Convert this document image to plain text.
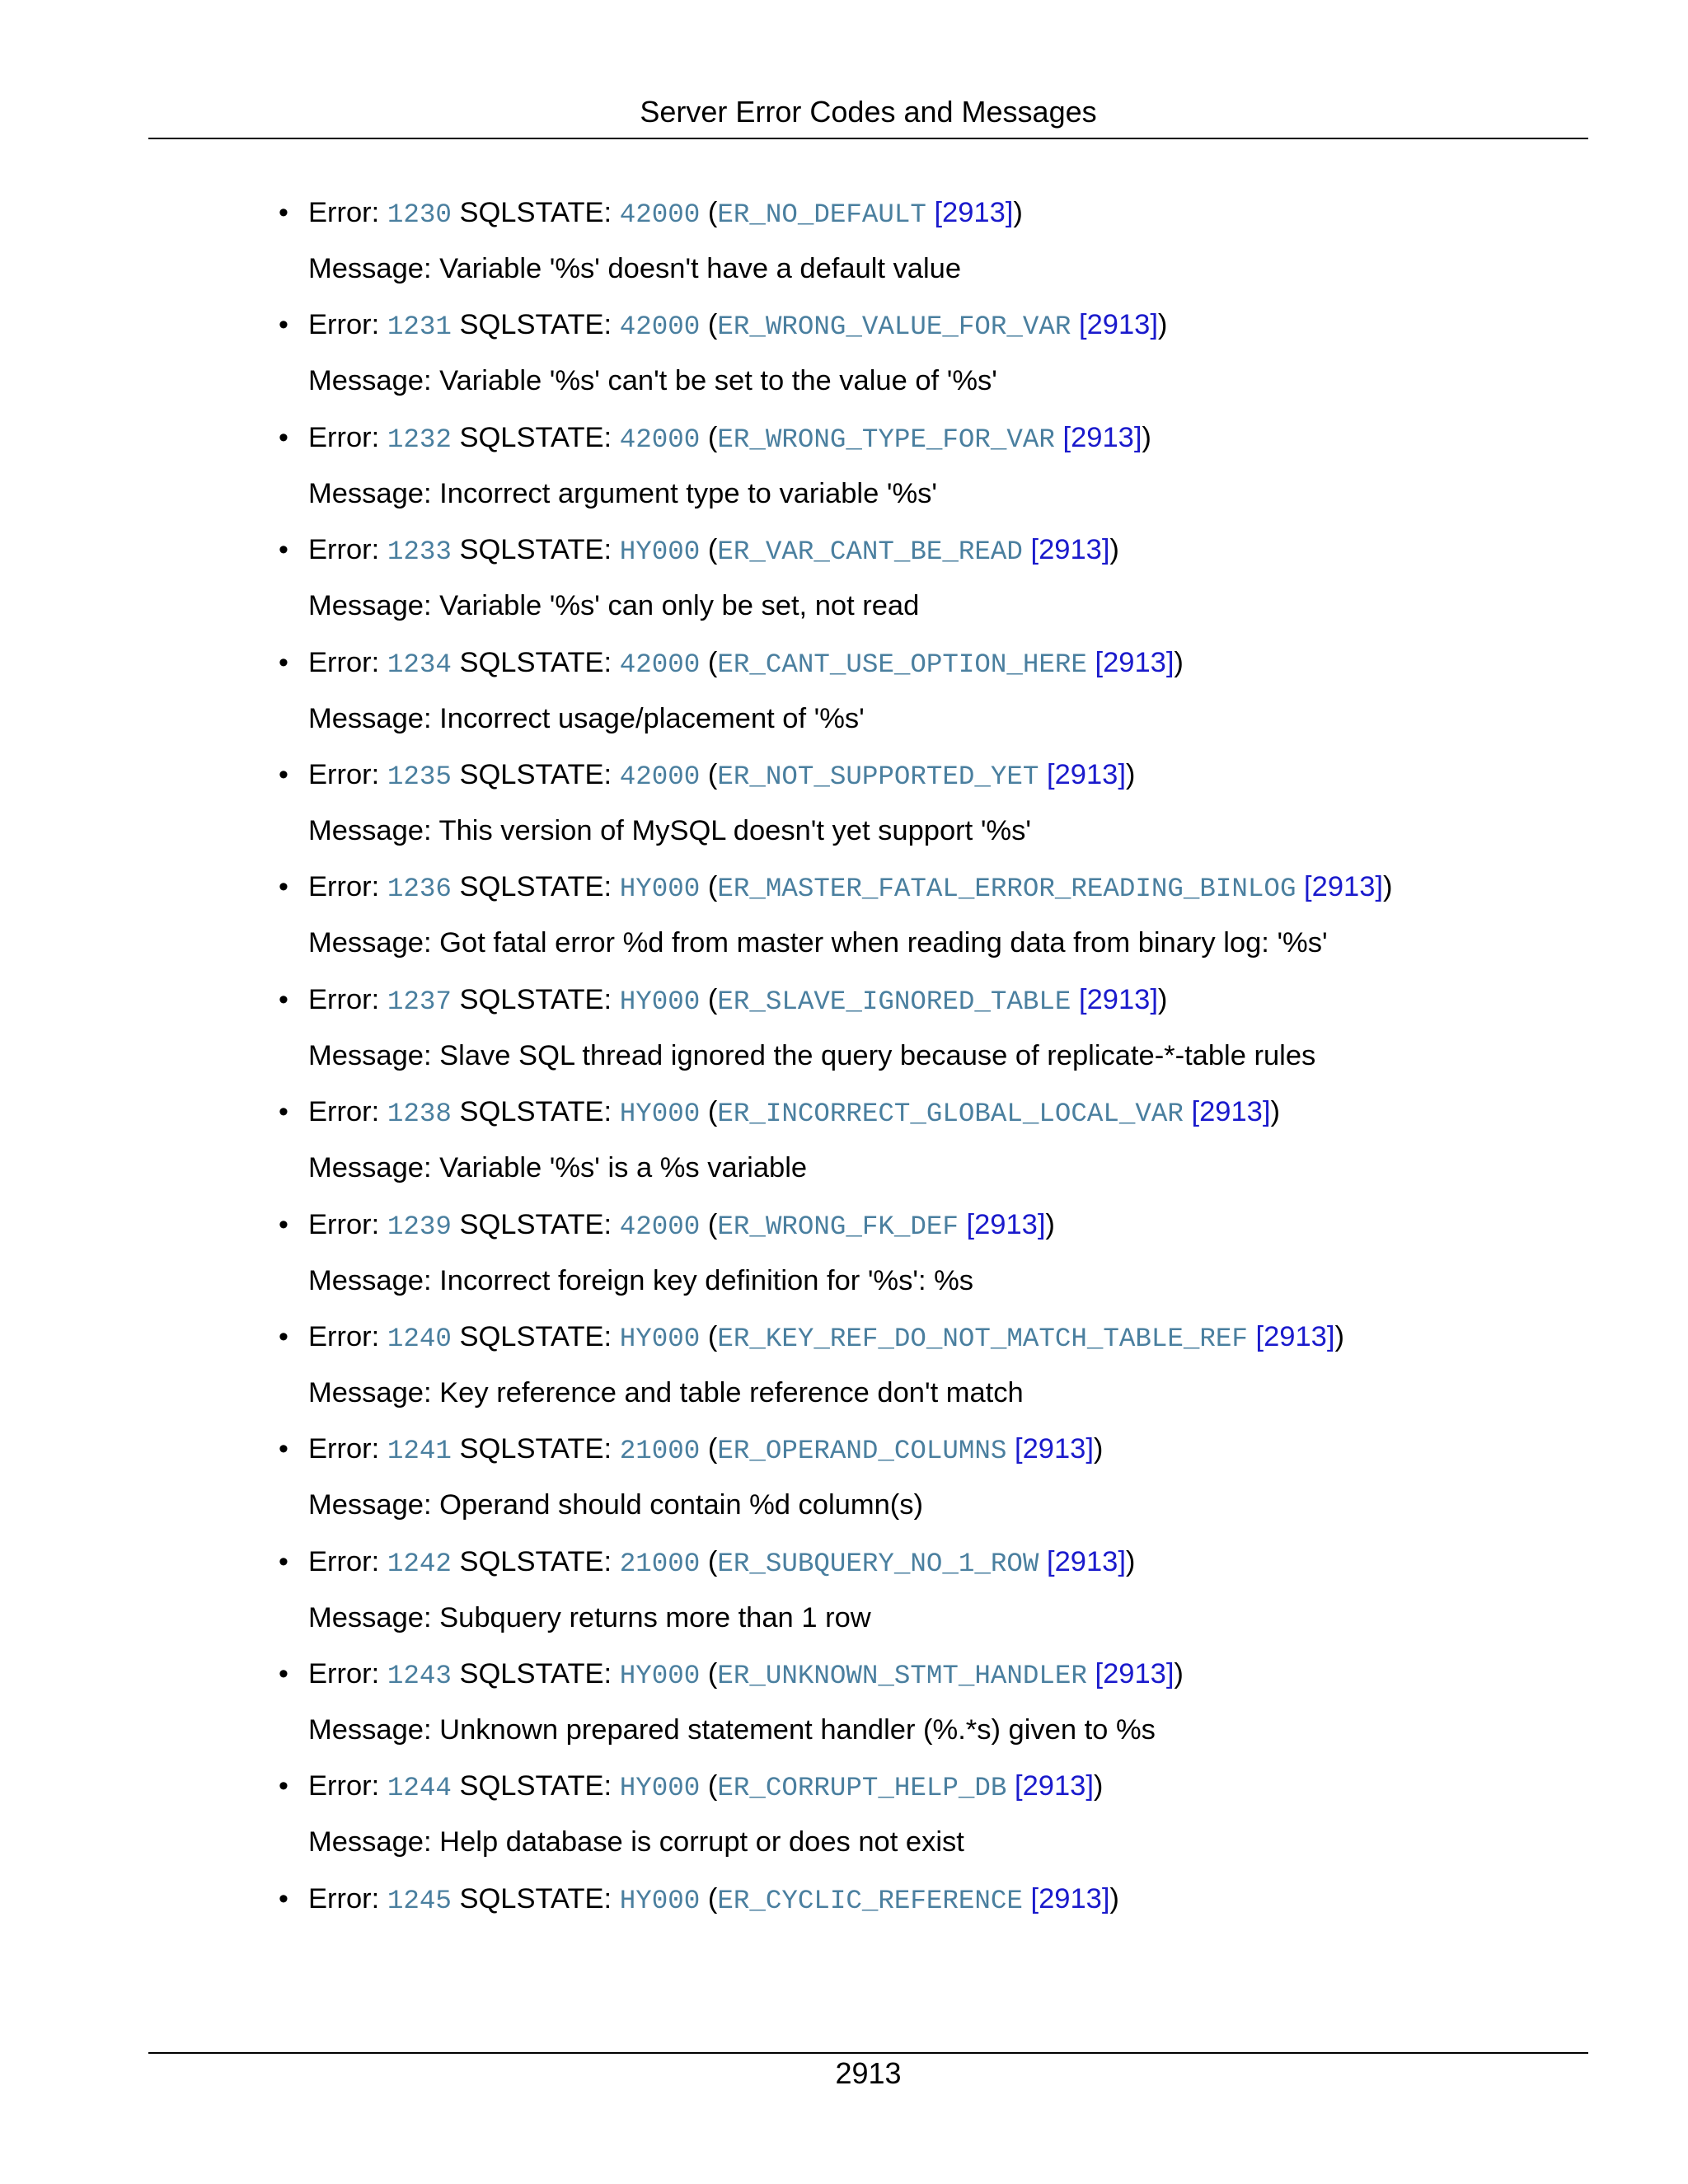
Server Error Codes and Messages
• Error: 1230 SQLSTATE: 42000 (ER_NO_DEFAULT [2913])
Message: Variable '%s' doesn't have a default value
• Error: 1231 SQLSTATE: 42000 (ER_WRONG_VALUE_FOR_VAR [2913])
Message: Variable '%s' can't be set to the value of '%s'
• Error: 1232 SQLSTATE: 42000 (ER_WRONG_TYPE_FOR_VAR [2913])
Message: Incorrect argument type to variable '%s'
• Error: 1233 SQLSTATE: HY000 (ER_VAR_CANT_BE_READ [2913])
Message: Variable '%s' can only be set, not read
• Error: 1234 SQLSTATE: 42000 (ER_CANT_USE_OPTION_HERE [2913])
Message: Incorrect usage/placement of '%s'
• Error: 1235 SQLSTATE: 42000 (ER_NOT_SUPPORTED_YET [2913])
Message: This version of MySQL doesn't yet support '%s'
• Error: 1236 SQLSTATE: HY000 (ER_MASTER_FATAL_ERROR_READING_BINLOG [2913])
Message: Got fatal error %d from master when reading data from binary log: '%s'
• Error: 1237 SQLSTATE: HY000 (ER_SLAVE_IGNORED_TABLE [2913])
Message: Slave SQL thread ignored the query because of replicate-*-table rules
• Error: 1238 SQLSTATE: HY000 (ER_INCORRECT_GLOBAL_LOCAL_VAR [2913])
Message: Variable '%s' is a %s variable
• Error: 1239 SQLSTATE: 42000 (ER_WRONG_FK_DEF [2913])
Message: Incorrect foreign key definition for '%s': %s
• Error: 1240 SQLSTATE: HY000 (ER_KEY_REF_DO_NOT_MATCH_TABLE_REF [2913])
Message: Key reference and table reference don't match
• Error: 1241 SQLSTATE: 21000 (ER_OPERAND_COLUMNS [2913])
Message: Operand should contain %d column(s)
• Error: 1242 SQLSTATE: 21000 (ER_SUBQUERY_NO_1_ROW [2913])
Message: Subquery returns more than 1 row
• Error: 1243 SQLSTATE: HY000 (ER_UNKNOWN_STMT_HANDLER [2913])
Message: Unknown prepared statement handler (%.*s) given to %s
• Error: 1244 SQLSTATE: HY000 (ER_CORRUPT_HELP_DB [2913])
Message: Help database is corrupt or does not exist
• Error: 1245 SQLSTATE: HY000 (ER_CYCLIC_REFERENCE [2913])
2913
